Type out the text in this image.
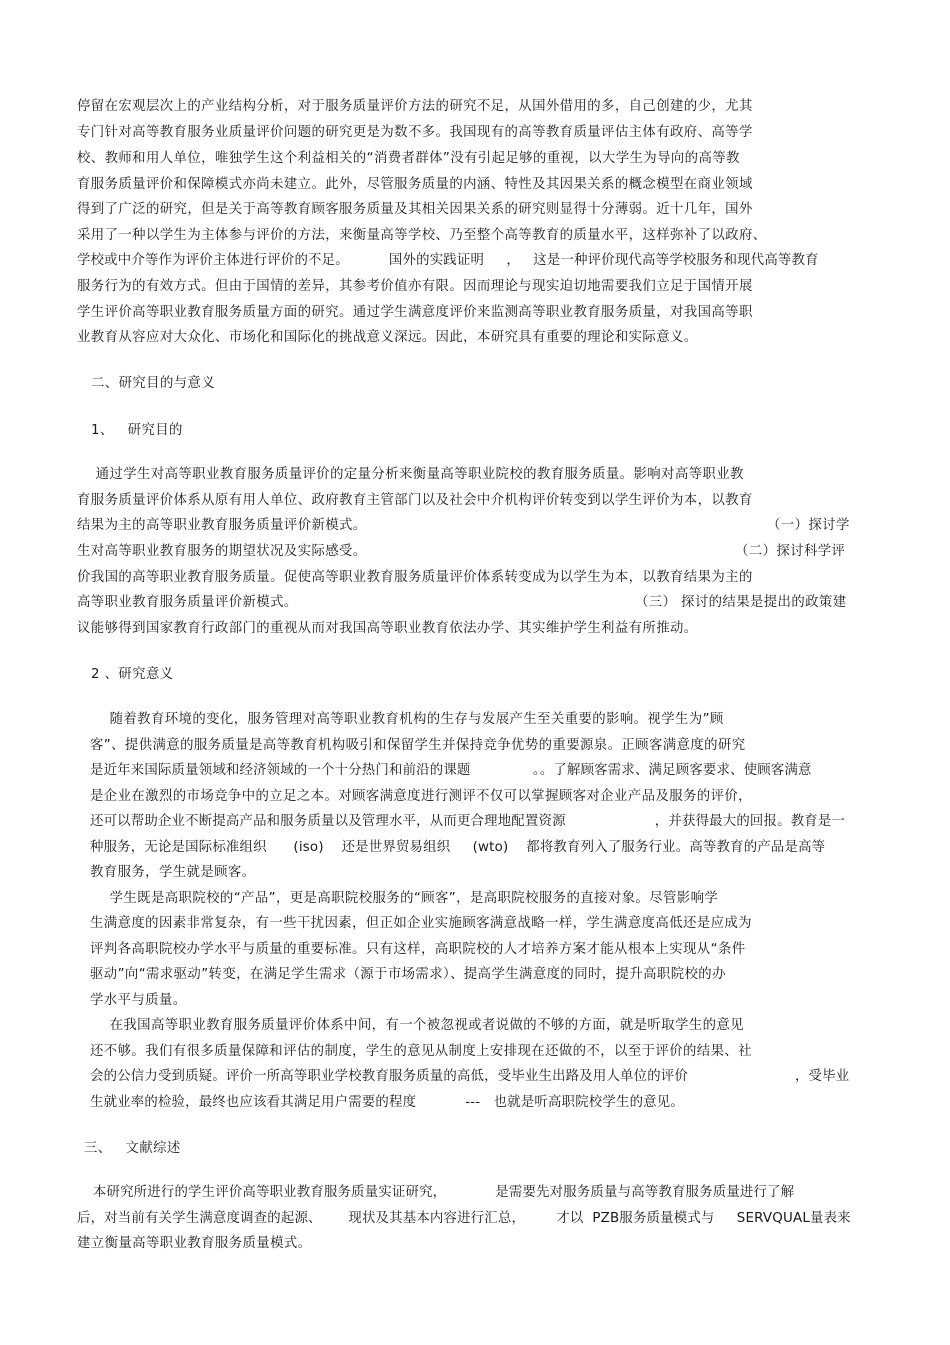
停留在宏观层次上的产业结构分析，对于服务质量评价方法的研究不足，从国外借用的多，自己创建的少，尤其
专门针对高等教育服务业质量评价问题的研究更是为数不多。我国现有的高等教育质量评估主体有政府、高等学
校、教师和用人单位，唯独学生这个利益相关的“消费者群体”没有引起足够的重视，以大学生为导向的高等教
育服务质量评价和保障模式亦尚未建立。此外，尽管服务质量的内涵、特性及其因果关系的概念模型在商业领域
得到了广泛的研究，但是关于高等教育顾客服务质量及其相关因果关系的研究则显得十分薄弱。近十几年，国外
采用了一种以学生为主体参与评价的方法，来衡量高等学校、乃至整个高等教育的质量水平，这样弥补了以政府、
学校或中介等作为评价主体进行评价的不足。         国外的实践证明     ，   这是一种评价现代高等学校服务和现代高等教育
服务行为的有效方式。但由于国情的差异，其参考价值亦有限。因而理论与现实迫切地需要我们立足于国情开展
学生评价高等职业教育服务质量方面的研究。通过学生满意度评价来监测高等职业教育服务质量，对我国高等职
业教育从容应对大众化、市场化和国际化的挑战意义深远。因此，本研究具有重要的理论和实际意义。
二、研究目的与意义
1、   研究目的
通过学生对高等职业教育服务质量评价的定量分析来衡量高等职业院校的教育服务质量。影响对高等职业教
育服务质量评价体系从原有用人单位、政府教育主管部门以及社会中介机构评价转变到以学生评价为本，以教育
结果为主的高等职业教育服务质量评价新模式。	（一）探讨学
生对高等职业教育服务的期望状况及实际感受。	（二）探讨科学评
价我国的高等职业教育服务质量。促使高等职业教育服务质量评价体系转变成为以学生为本，以教育结果为主的
高等职业教育服务质量评价新模式。	（三） 探讨的结果是提出的政策建
议能够得到国家教育行政部门的重视从而对我国高等职业教育依法办学、其实维护学生利益有所推动。
2 、研究意义
随着教育环境的变化，服务管理对高等职业教育机构的生存与发展产生至关重要的影响。视学生为”顾
客”、提供满意的服务质量是高等教育机构吸引和保留学生并保持竞争优势的重要源泉。正顾客满意度的研究
是近年来国际质量领域和经济领域的一个十分热门和前沿的课题              。。了解顾客需求、满足顾客要求、使顾客满意
是企业在激烈的市场竞争中的立足之本。对顾客满意度进行测评不仅可以掌握顾客对企业产品及服务的评价，
还可以帮助企业不断提高产品和服务质量以及管理水平，从而更合理地配置资源                    ，并获得最大的回报。教育是一
种服务，无论是国际标准组织      (iso)    还是世界贸易组织     (wto)    都将教育列入了服务行业。高等教育的产品是高等
教育服务，学生就是顾客。
学生既是高职院校的“产品”，更是高职院校服务的“顾客”，是高职院校服务的直接对象。尽管影响学
生满意度的因素非常复杂，有一些干扰因素，但正如企业实施顾客满意战略一样，学生满意度高低还是应成为
评判各高职院校办学水平与质量的重要标准。只有这样，高职院校的人才培养方案才能从根本上实现从“条件
驱动”向“需求驱动”转变，在满足学生需求（源于市场需求）、提高学生满意度的同时，提升高职院校的办
学水平与质量。
在我国高等职业教育服务质量评价体系中间，有一个被忽视或者说做的不够的方面，就是听取学生的意见
还不够。我们有很多质量保障和评估的制度，学生的意见从制度上安排现在还做的不，以至于评价的结果、社
会的公信力受到质疑。评价一所高等职业学校教育服务质量的高低，受毕业生出路及用人单位的评价                        ，受毕业
生就业率的检验，最终也应该看其满足用户需要的程度           ---   也就是听高职院校学生的意见。
三、   文献综述
本研究所进行的学生评价高等职业教育服务质量实证研究，           是需要先对服务质量与高等教育服务质量进行了解
后，对当前有关学生满意度调查的起源、      现状及其基本内容进行汇总，       才以  PZB服务质量模式与     SERVQUAL量表来
建立衡量高等职业教育服务质量模式。
